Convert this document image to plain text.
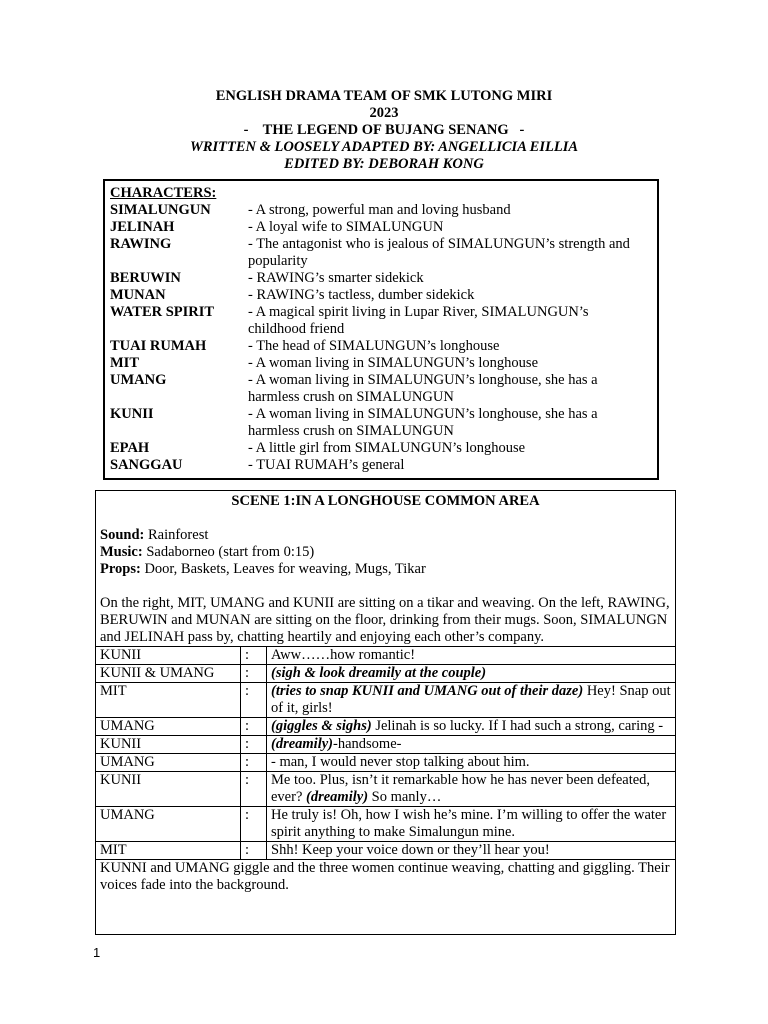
ENGLISH DRAMA TEAM OF SMK LUTONG MIRI
2023
-    THE LEGEND OF BUJANG SENANG   -
WRITTEN & LOOSELY ADAPTED BY: ANGELLICIA EILLIA
EDITED BY: DEBORAH KONG
CHARACTERS:
SIMALUNGUN	- A strong, powerful man and loving husband
JELINAH	- A loyal wife to SIMALUNGUN
RAWING	- The antagonist who is jealous of SIMALUNGUN’s strength and popularity
BERUWIN	- RAWING’s smarter sidekick
MUNAN	- RAWING’s tactless, dumber sidekick
WATER SPIRIT	- A magical spirit living in Lupar River, SIMALUNGUN’s childhood friend
TUAI RUMAH	- The head of SIMALUNGUN’s longhouse
MIT	- A woman living in SIMALUNGUN’s longhouse
UMANG	- A woman living in SIMALUNGUN’s longhouse, she has a harmless crush on SIMALUNGUN
KUNII	- A woman living in SIMALUNGUN’s longhouse, she has a harmless crush on SIMALUNGUN
EPAH	- A little girl from SIMALUNGUN’s longhouse
SANGGAU	- TUAI RUMAH’s general
SCENE 1:IN A LONGHOUSE COMMON AREA
Sound: Rainforest
Music: Sadaborneo (start from 0:15)
Props: Door, Baskets, Leaves for weaving, Mugs, Tikar
On the right, MIT, UMANG and KUNII are sitting on a tikar and weaving. On the left, RAWING, BERUWIN and MUNAN are sitting on the floor, drinking from their mugs. Soon, SIMALUNGN and JELINAH pass by, chatting heartily and enjoying each other’s company.
KUNII	:	Aww……how romantic!
KUNII & UMANG	:	(sigh & look dreamily at the couple)
MIT	:	(tries to snap KUNII and UMANG out of their daze) Hey! Snap out of it, girls!
UMANG	:	(giggles & sighs) Jelinah is so lucky. If I had such a strong, caring -
KUNII	:	(dreamily)-handsome-
UMANG	:	- man, I would never stop talking about him.
KUNII	:	Me too. Plus, isn’t it remarkable how he has never been defeated, ever? (dreamily) So manly…
UMANG	:	He truly is! Oh, how I wish he’s mine. I’m willing to offer the water spirit anything to make Simalungun mine.
MIT	:	Shh! Keep your voice down or they’ll hear you!
KUNNI and UMANG giggle and the three women continue weaving, chatting and giggling. Their voices fade into the background.
1
